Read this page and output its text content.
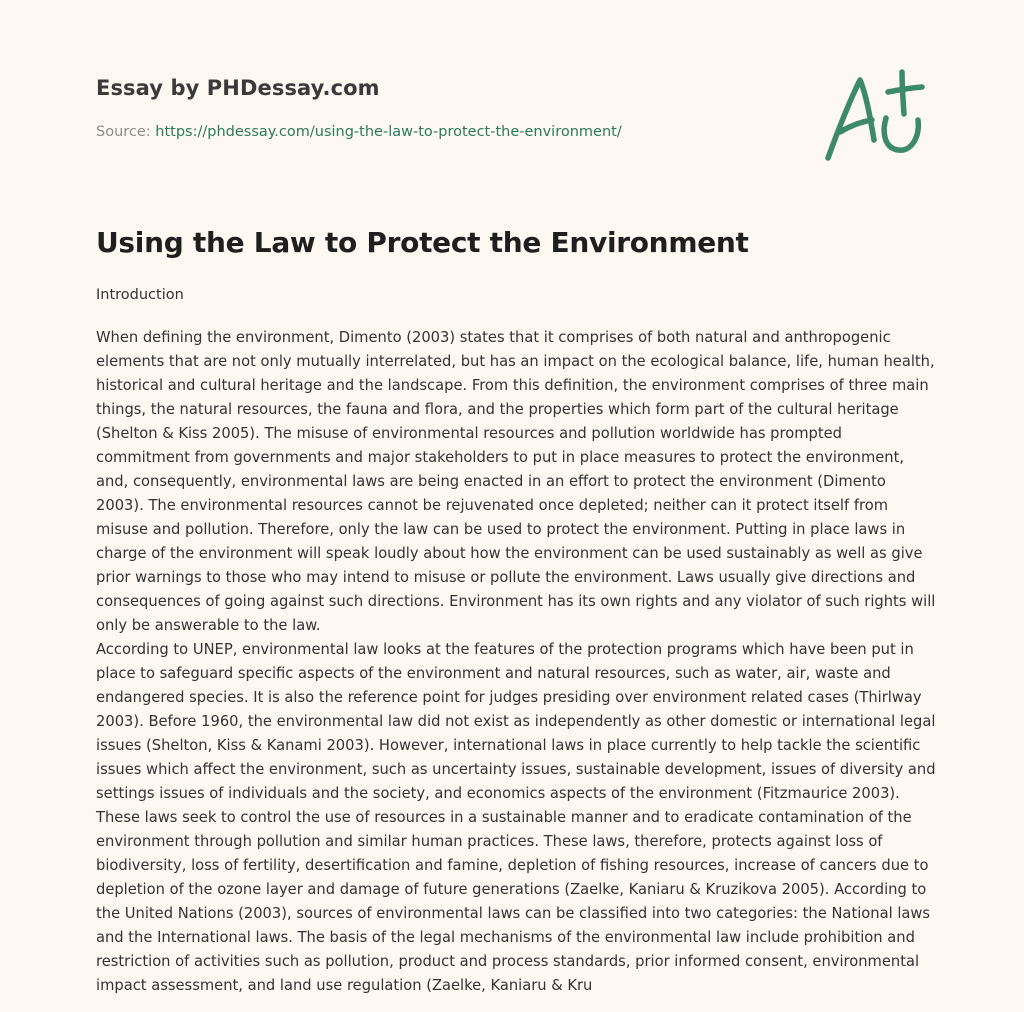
Essay by PHDessay.com
Source: https://phdessay.com/using-the-law-to-protect-the-environment/
Using the Law to Protect the Environment
Introduction

When defining the environment, Dimento (2003) states that it comprises of both natural and anthropogenic elements that are not only mutually interrelated, but has an impact on the ecological balance, life, human health, historical and cultural heritage and the landscape. From this definition, the environment comprises of three main things, the natural resources, the fauna and flora, and the properties which form part of the cultural heritage (Shelton & Kiss 2005). The misuse of environmental resources and pollution worldwide has prompted commitment from governments and major stakeholders to put in place measures to protect the environment, and, consequently, environmental laws are being enacted in an effort to protect the environment (Dimento 2003). The environmental resources cannot be rejuvenated once depleted; neither can it protect itself from misuse and pollution. Therefore, only the law can be used to protect the environment. Putting in place laws in charge of the environment will speak loudly about how the environment can be used sustainably as well as give prior warnings to those who may intend to misuse or pollute the environment. Laws usually give directions and consequences of going against such directions. Environment has its own rights and any violator of such rights will only be answerable to the law.

According to UNEP, environmental law looks at the features of the protection programs which have been put in place to safeguard specific aspects of the environment and natural resources, such as water, air, waste and endangered species. It is also the reference point for judges presiding over environment related cases (Thirlway 2003). Before 1960, the environmental law did not exist as independently as other domestic or international legal issues (Shelton, Kiss & Kanami 2003). However, international laws in place currently to help tackle the scientific issues which affect the environment, such as uncertainty issues, sustainable development, issues of diversity and settings issues of individuals and the society, and economics aspects of the environment (Fitzmaurice 2003). These laws seek to control the use of resources in a sustainable manner and to eradicate contamination of the environment through pollution and similar human practices. These laws, therefore, protects against loss of biodiversity, loss of fertility, desertification and famine, depletion of fishing resources, increase of cancers due to depletion of the ozone layer and damage of future generations (Zaelke, Kaniaru & Kruzikova 2005). According to the United Nations (2003), sources of environmental laws can be classified into two categories: the National laws and the International laws. The basis of the legal mechanisms of the environmental law include prohibition and restriction of activities such as pollution, product and process standards, prior informed consent, environmental impact assessment, and land use regulation (Zaelke, Kaniaru & Kru
